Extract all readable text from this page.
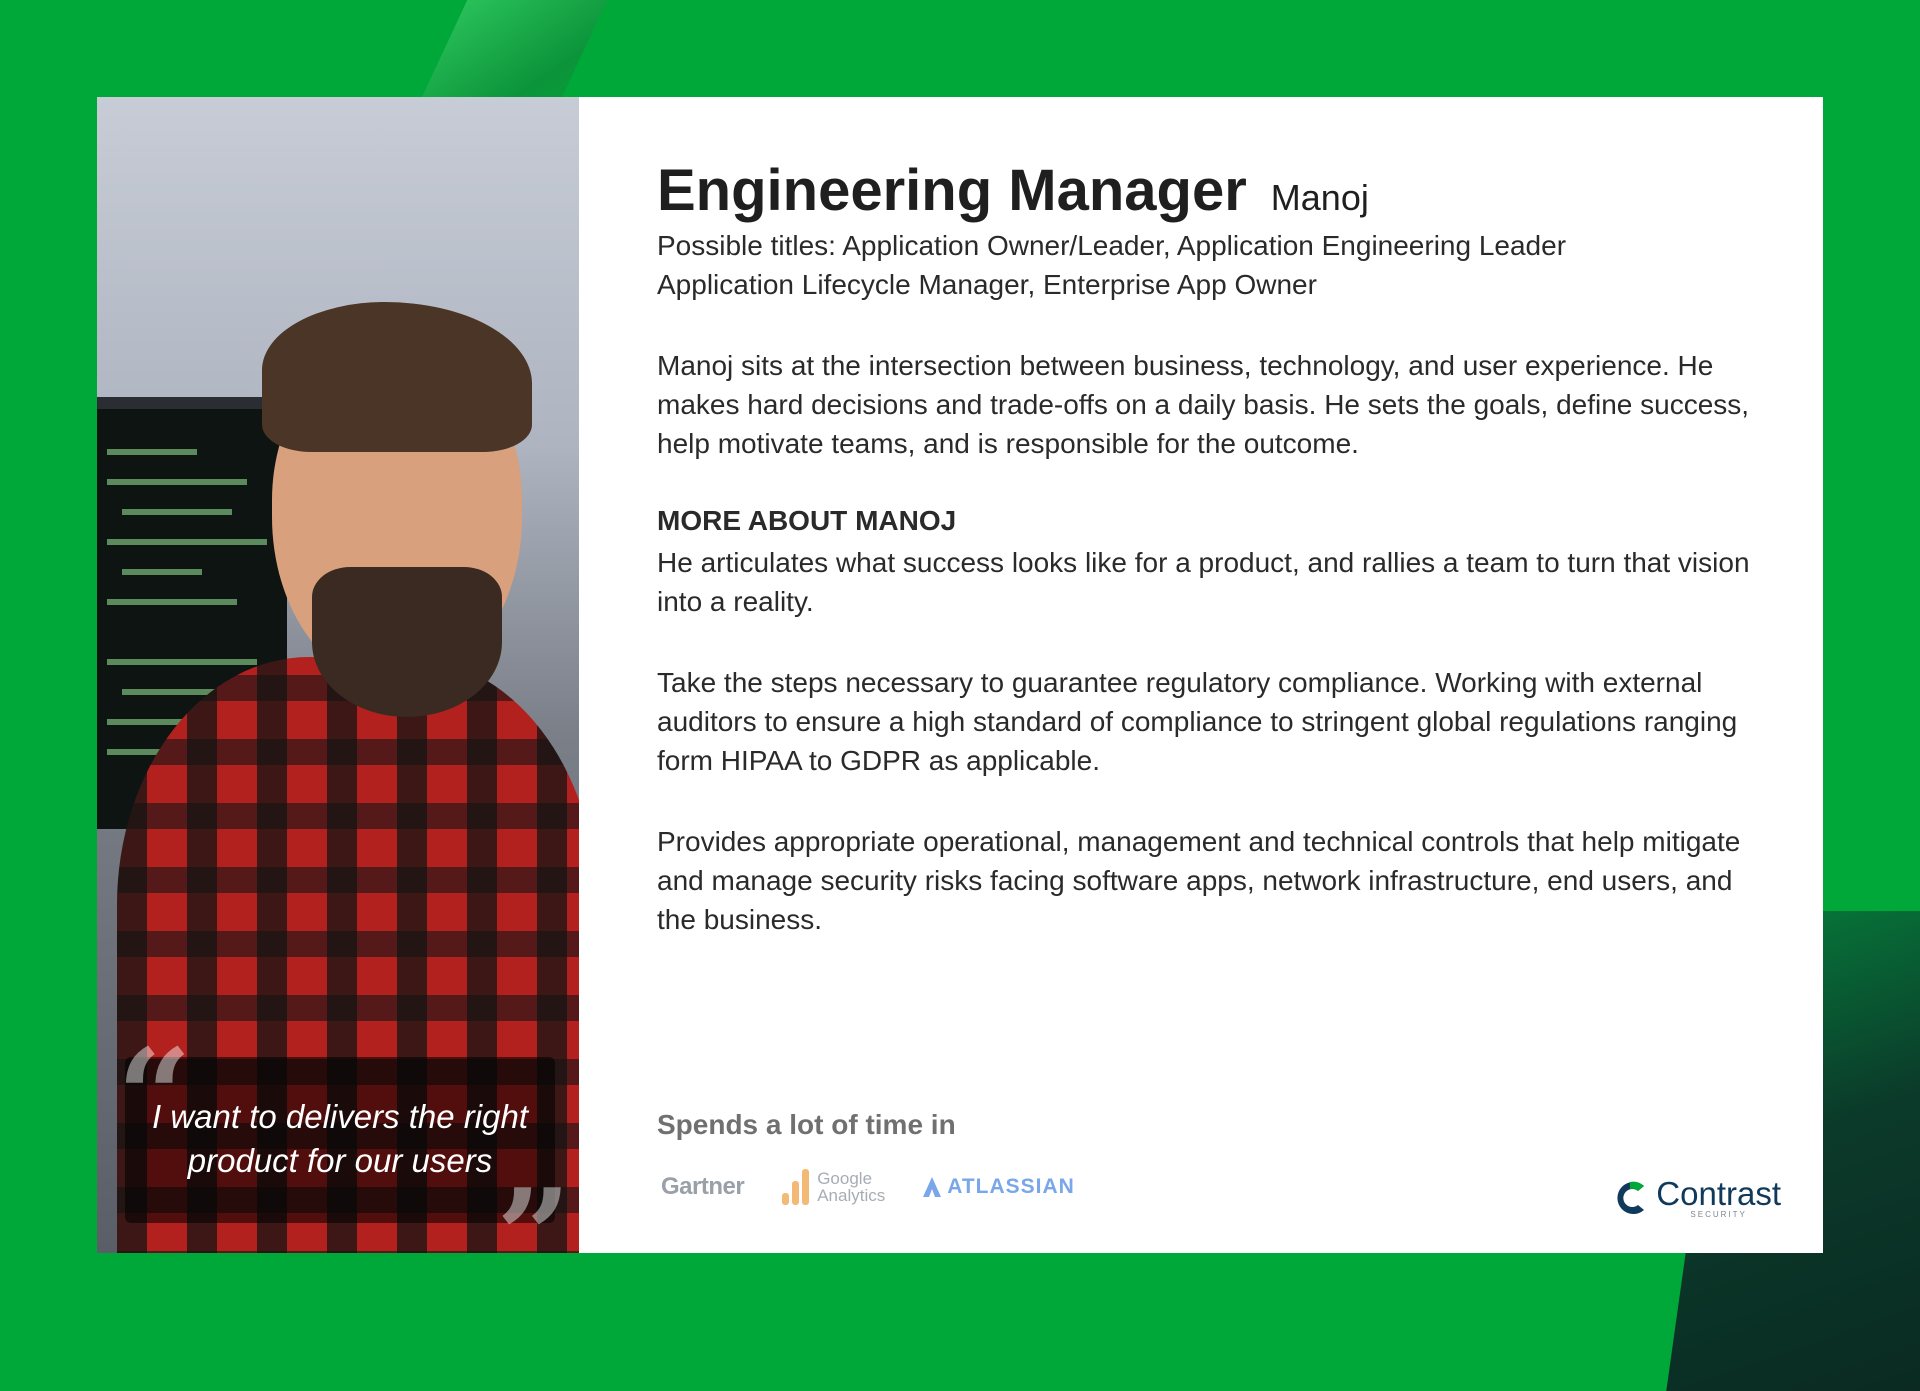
“
I want to delivers the right
product for our users ”
Engineering Manager Manoj
Possible titles: Application Owner/Leader, Application Engineering Leader
Application Lifecycle Manager, Enterprise App Owner
Manoj sits at the intersection between business, technology, and user experience. He makes hard decisions and trade-offs on a daily basis. He sets the goals, define success, help motivate teams, and is responsible for the outcome.
MORE ABOUT MANOJ
He articulates what success looks like for a product, and rallies a team to turn that vision into a reality.
Take the steps necessary to guarantee regulatory compliance. Working with external auditors to ensure a high standard of compliance to stringent global regulations ranging form HIPAA to GDPR as applicable.
Provides appropriate operational, management and technical controls that help mitigate and manage security risks facing software apps, network infrastructure, end users, and the business.
Spends a lot of time in
Gartner	Google
Analytics	ATLASSIAN	Contrast
SECURITY
